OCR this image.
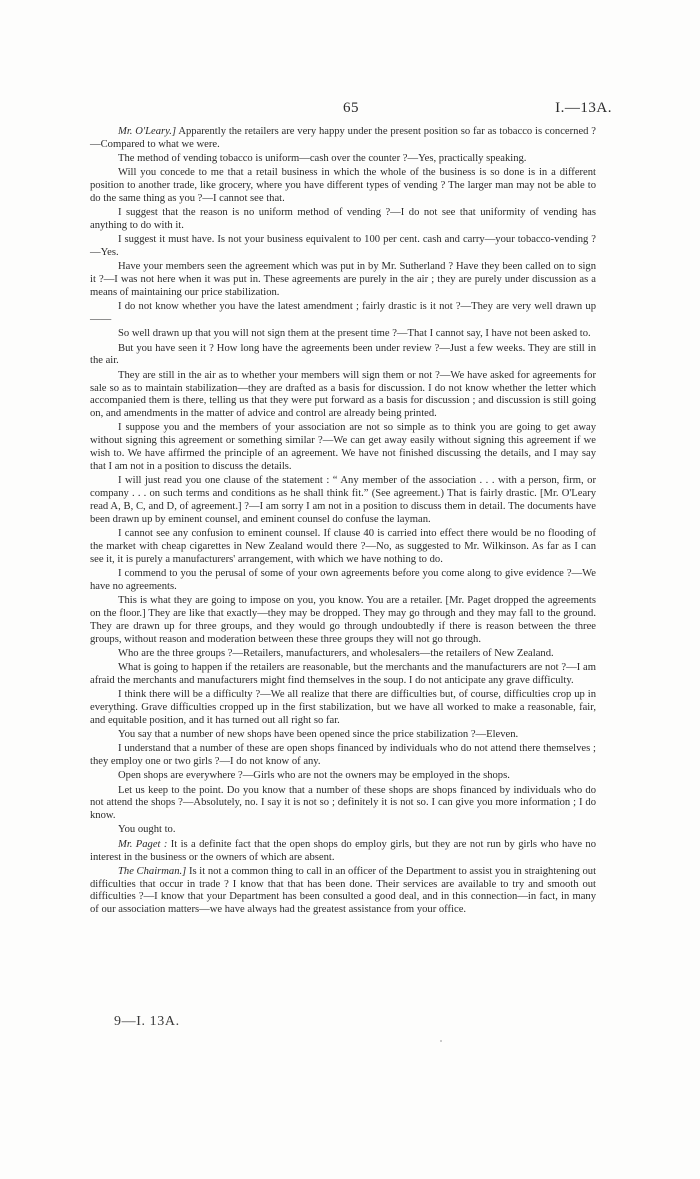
65	I.—13A.

Mr. O'Leary.] Apparently the retailers are very happy under the present position so far as tobacco is concerned ?—Compared to what we were.

The method of vending tobacco is uniform—cash over the counter ?—Yes, practically speaking.

Will you concede to me that a retail business in which the whole of the business is so done is in a different position to another trade, like grocery, where you have different types of vending ? The larger man may not be able to do the same thing as you ?—I cannot see that.

I suggest that the reason is no uniform method of vending ?—I do not see that uniformity of vending has anything to do with it.

I suggest it must have. Is not your business equivalent to 100 per cent. cash and carry—your tobacco-vending ?—Yes.

Have your members seen the agreement which was put in by Mr. Sutherland ? Have they been called on to sign it ?—I was not here when it was put in. These agreements are purely in the air ; they are purely under discussion as a means of maintaining our price stabilization.

I do not know whether you have the latest amendment ; fairly drastic is it not ?—They are very well drawn up——

So well drawn up that you will not sign them at the present time ?—That I cannot say, I have not been asked to.

But you have seen it ? How long have the agreements been under review ?—Just a few weeks. They are still in the air.

They are still in the air as to whether your members will sign them or not ?—We have asked for agreements for sale so as to maintain stabilization—they are drafted as a basis for discussion. I do not know whether the letter which accompanied them is there, telling us that they were put forward as a basis for discussion ; and discussion is still going on, and amendments in the matter of advice and control are already being printed.

I suppose you and the members of your association are not so simple as to think you are going to get away without signing this agreement or something similar ?—We can get away easily without signing this agreement if we wish to. We have affirmed the principle of an agreement. We have not finished discussing the details, and I may say that I am not in a position to discuss the details.

I will just read you one clause of the statement : “ Any member of the association . . . with a person, firm, or company . . . on such terms and conditions as he shall think fit.” (See agreement.) That is fairly drastic. [Mr. O'Leary read A, B, C, and D, of agreement.] ?—I am sorry I am not in a position to discuss them in detail. The documents have been drawn up by eminent counsel, and eminent counsel do confuse the layman.

I cannot see any confusion to eminent counsel. If clause 40 is carried into effect there would be no flooding of the market with cheap cigarettes in New Zealand would there ?—No, as suggested to Mr. Wilkinson. As far as I can see it, it is purely a manufacturers' arrangement, with which we have nothing to do.

I commend to you the perusal of some of your own agreements before you come along to give evidence ?—We have no agreements.

This is what they are going to impose on you, you know. You are a retailer. [Mr. Paget dropped the agreements on the floor.] They are like that exactly—they may be dropped. They may go through and they may fall to the ground. They are drawn up for three groups, and they would go through undoubtedly if there is reason between the three groups, without reason and moderation between these three groups they will not go through.

Who are the three groups ?—Retailers, manufacturers, and wholesalers—the retailers of New Zealand.

What is going to happen if the retailers are reasonable, but the merchants and the manufacturers are not ?—I am afraid the merchants and manufacturers might find themselves in the soup. I do not anticipate any grave difficulty.

I think there will be a difficulty ?—We all realize that there are difficulties but, of course, difficulties crop up in everything. Grave difficulties cropped up in the first stabilization, but we have all worked to make a reasonable, fair, and equitable position, and it has turned out all right so far.

You say that a number of new shops have been opened since the price stabilization ?—Eleven.

I understand that a number of these are open shops financed by individuals who do not attend there themselves ; they employ one or two girls ?—I do not know of any.

Open shops are everywhere ?—Girls who are not the owners may be employed in the shops.

Let us keep to the point. Do you know that a number of these shops are shops financed by individuals who do not attend the shops ?—Absolutely, no. I say it is not so ; definitely it is not so. I can give you more information ; I do know.

You ought to.

Mr. Paget : It is a definite fact that the open shops do employ girls, but they are not run by girls who have no interest in the business or the owners of which are absent.

The Chairman.] Is it not a common thing to call in an officer of the Department to assist you in straightening out difficulties that occur in trade ? I know that that has been done. Their services are available to try and smooth out difficulties ?—I know that your Department has been consulted a good deal, and in this connection—in fact, in many of our association matters—we have always had the greatest assistance from your office.

9—I. 13A.
